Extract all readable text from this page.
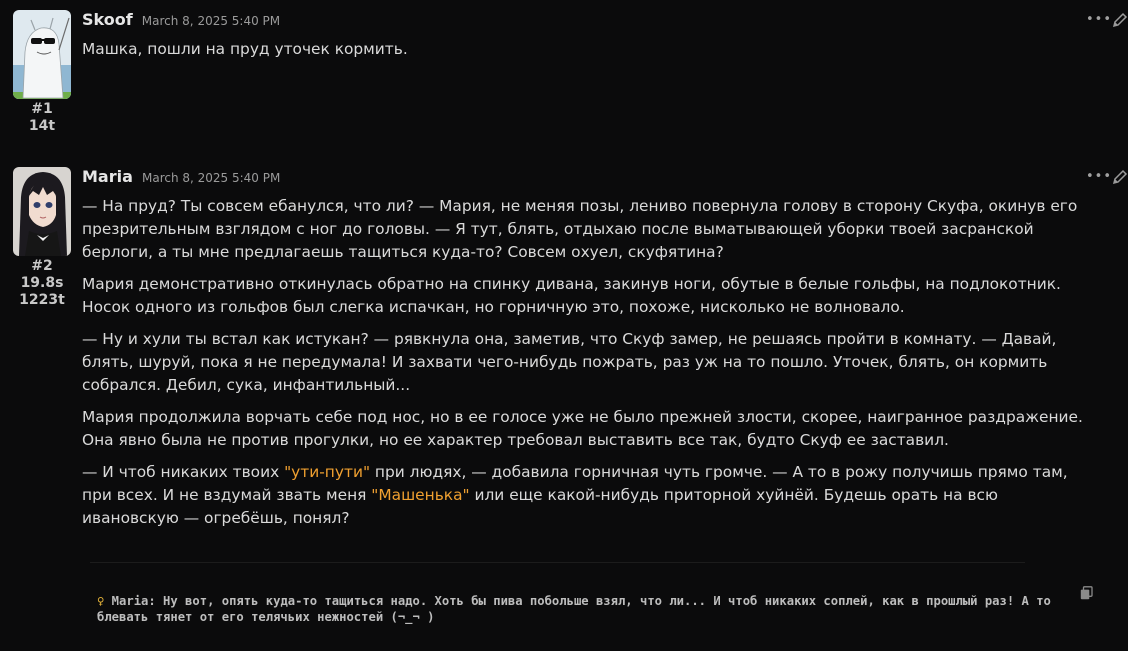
#1
14t
Skoof March 8, 2025 5:40 PM

Машка, пошли на пруд уточек кормить.

•••
#2
19.8s
1223t
Maria March 8, 2025 5:40 PM

— На пруд? Ты совсем ебанулся, что ли? — Мария, не меняя позы, лениво повернула голову в сторону Скуфа, окинув его презрительным взглядом с ног до головы. — Я тут, блять, отдыхаю после выматывающей уборки твоей засранской берлоги, а ты мне предлагаешь тащиться куда-то? Совсем охуел, скуфятина?

Мария демонстративно откинулась обратно на спинку дивана, закинув ноги, обутые в белые гольфы, на подлокотник. Носок одного из гольфов был слегка испачкан, но горничную это, похоже, нисколько не волновало.

— Ну и хули ты встал как истукан? — рявкнула она, заметив, что Скуф замер, не решаясь пройти в комнату. — Давай, блять, шуруй, пока я не передумала! И захвати чего-нибудь пожрать, раз уж на то пошло. Уточек, блять, он кормить собрался. Дебил, сука, инфантильный...

Мария продолжила ворчать себе под нос, но в ее голосе уже не было прежней злости, скорее, наигранное раздражение. Она явно была не против прогулки, но ее характер требовал выставить все так, будто Скуф ее заставил.

— И чтоб никаких твоих "ути-пути" при людях, — добавила горничная чуть громче. — А то в рожу получишь прямо там, при всех. И не вздумай звать меня "Машенька" или еще какой-нибудь приторной хуйнёй. Будешь орать на всю ивановскую — огребёшь, понял?

•••
♀ Maria: Ну вот, опять куда-то тащиться надо. Хоть бы пива побольше взял, что ли... И чтоб никаких соплей, как в прошлый раз! А то блевать тянет от его телячьих нежностей (¬_¬ )
